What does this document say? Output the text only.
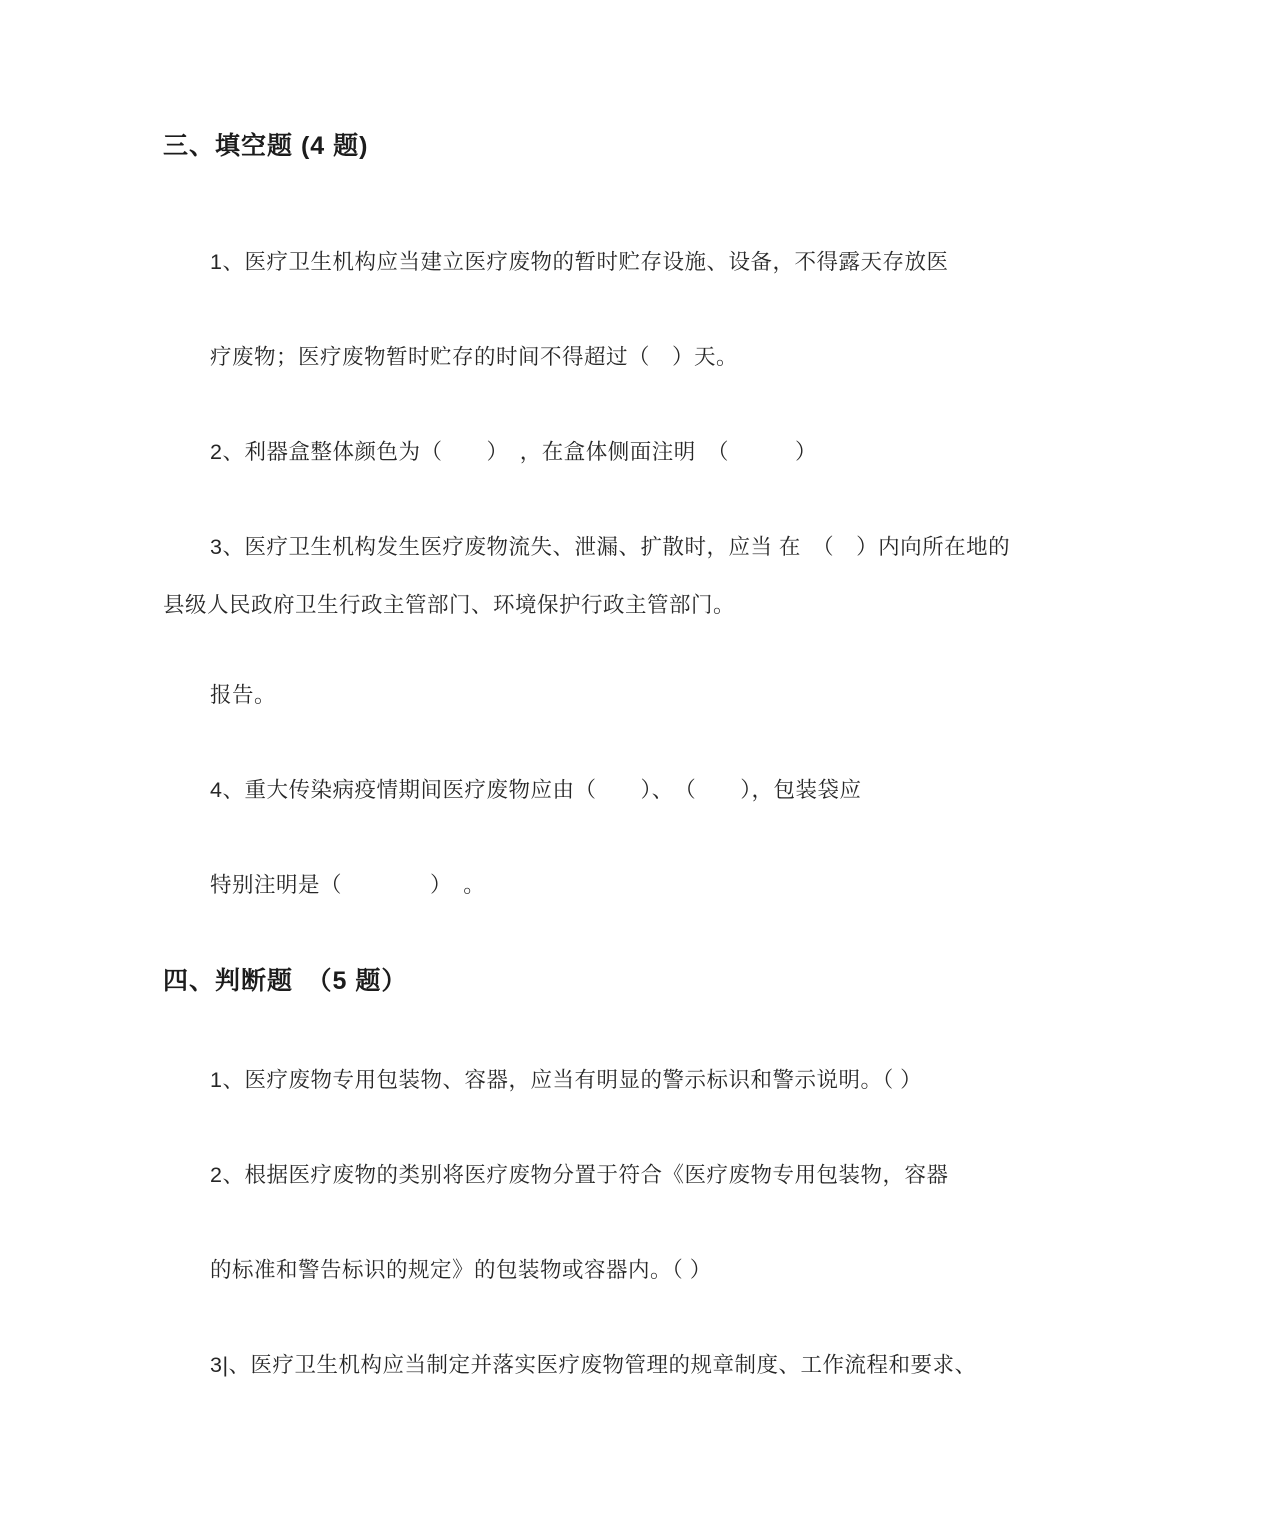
三、填空题 (4 题)

1、医疗卫生机构应当建立医疗废物的暂时贮存设施、设备，不得露天存放医

疗废物；医疗废物暂时贮存的时间不得超过（　）天。

2、利器盒整体颜色为（　　）　，在盒体侧面注明　（　　　）

3、医疗卫生机构发生医疗废物流失、泄漏、扩散时，应当 在　（　）内向所在地的

县级人民政府卫生行政主管部门、环境保护行政主管部门。

报告。

4、重大传染病疫情期间医疗废物应由（　　）、　（　　），包装袋应

特别注明是（　　　　）　。

四、判断题　（5 题）

1、医疗废物专用包装物、容器，应当有明显的警示标识和警示说明。（ ）

2、根据医疗废物的类别将医疗废物分置于符合《医疗废物专用包装物，容器

的标准和警告标识的规定》的包装物或容器内。（ ）

3|、医疗卫生机构应当制定并落实医疗废物管理的规章制度、工作流程和要求、
